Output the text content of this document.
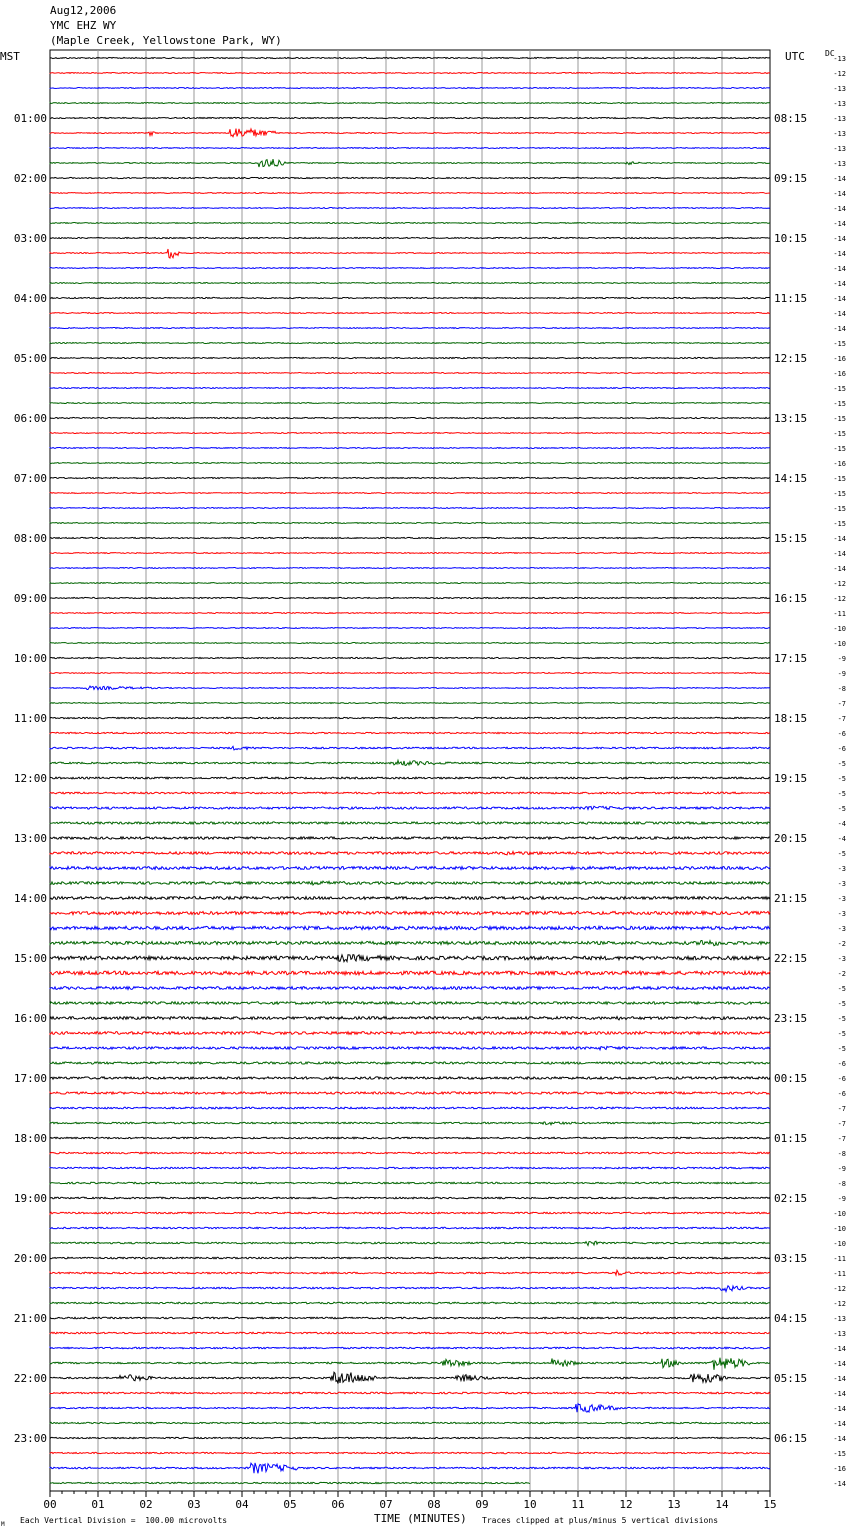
Aug12,2006
YMC EHZ WY
(Maple Creek, Yellowstone Park, WY)
MST	UTC	DC
00	01	02	03	04	05	06	07	08	09	10	11	12	13	14	15
01:00
02:00
03:00
04:00
05:00
06:00
07:00
08:00
09:00
10:00
11:00
12:00
13:00
14:00
15:00
16:00
17:00
18:00
19:00
20:00
21:00
22:00
23:00
08:15
09:15
10:15
11:15
12:15
13:15
14:15
15:15
16:15
17:15
18:15
19:15
20:15
21:15
22:15
23:15
00:15
01:15
02:15
03:15
04:15
05:15
06:15
-13
-12
-13
-13
-13
-13
-13
-13
-14
-14
-14
-14
-14
-14
-14
-14
-14
-14
-14
-15
-16
-16
-15
-15
-15
-15
-15
-16
-15
-15
-15
-15
-14
-14
-14
-12
-12
-11
-10
-10
-9
-9
-8
-7
-7
-6
-6
-5
-5
-5
-5
-4
-4
-5
-3
-3
-3
-3
-3
-2
-3
-2
-5
-5
-5
-5
-5
-6
-6
-6
-7
-7
-7
-8
-9
-8
-9
-10
-10
-10
-11
-11
-12
-12
-13
-13
-14
-14
-14
-14
-14
-14
-14
-15
-16
-14
TIME (MINUTES)
Each Vertical Division =  100.00 microvolts	Traces clipped at plus/minus 5 vertical divisions
M
